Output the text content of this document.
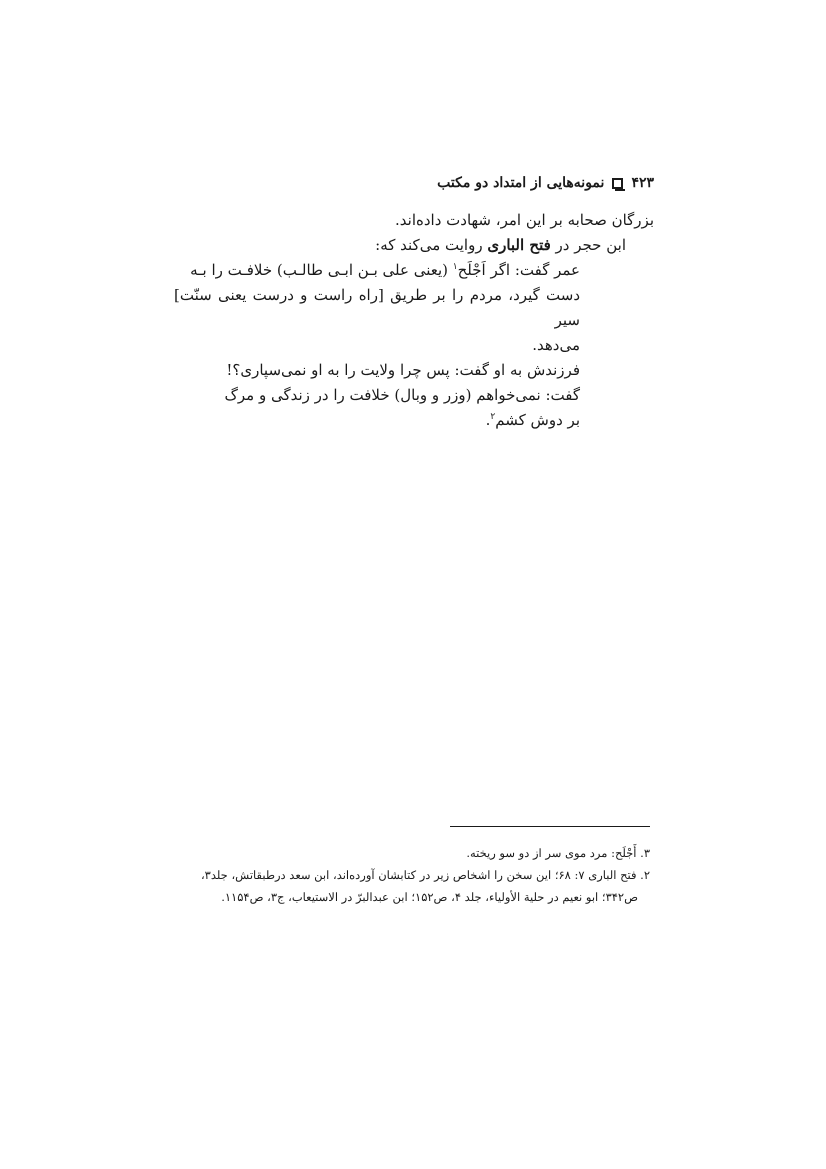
نمونه‌هایی از امتداد دو مکتب ۴۲۳

بزرگان صحابه بر این امر، شهادت داده‌اند.

ابن حجر در فتح الباری روایت می‌کند که:

عمر گفت: اگر اَجْلَح$^۱$ (یعنی علی بـن ابـی طالـب) خلافـت را بـه

دست گیرد، مردم را بر طریق [راه راست و درست یعنی سنّت] سیر

می‌دهد.

فرزندش به او گفت: پس چرا ولایت را به او نمی‌سپاری؟!

گفت: نمی‌خواهم (وزر و وبال) خلافت را در زندگی و مرگ

بر دوش کشم$^۲$.

۳. أَجْلَح: مرد موی سر از دو سو ریخته.

۲. فتح الباری ۷: ۶۸؛ این سخن را اشخاص زیر در کتابشان آورده‌اند، ابن سعد درطبقاتش، جلد۳،

ص۳۴۲؛ ابو نعیم در حلیة الأولیاء، جلد ۴، ص۱۵۲؛ ابن عبدالبرّ در الاستیعاب، ج۳، ص۱۱۵۴.
